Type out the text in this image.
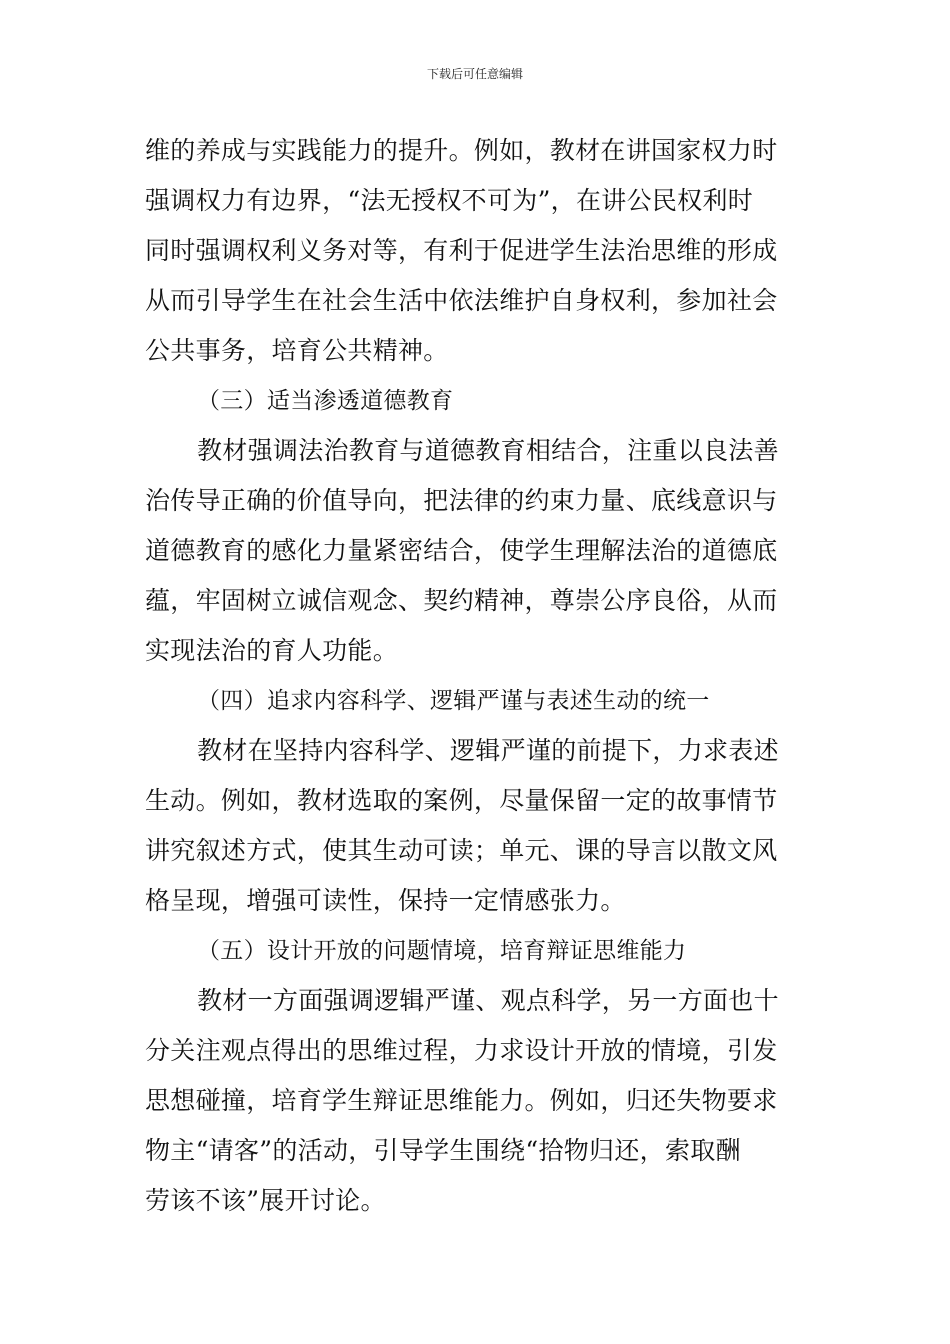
下载后可任意编辑
维的养成与实践能力的提升。例如，教材在讲国家权力时
强调权力有边界，“法无授权不可为”，在讲公民权利时
同时强调权利义务对等，有利于促进学生法治思维的形成
从而引导学生在社会生活中依法维护自身权利，参加社会
公共事务，培育公共精神。
（三）适当渗透道德教育
教材强调法治教育与道德教育相结合，注重以良法善
治传导正确的价值导向，把法律的约束力量、底线意识与
道德教育的感化力量紧密结合，使学生理解法治的道德底
蕴，牢固树立诚信观念、契约精神，尊崇公序良俗，从而
实现法治的育人功能。
（四）追求内容科学、逻辑严谨与表述生动的统一
教材在坚持内容科学、逻辑严谨的前提下，力求表述
生动。例如，教材选取的案例，尽量保留一定的故事情节
讲究叙述方式，使其生动可读；单元、课的导言以散文风
格呈现，增强可读性，保持一定情感张力。
（五）设计开放的问题情境，培育辩证思维能力
教材一方面强调逻辑严谨、观点科学，另一方面也十
分关注观点得出的思维过程，力求设计开放的情境，引发
思想碰撞，培育学生辩证思维能力。例如，归还失物要求
物主“请客”的活动，引导学生围绕“拾物归还，索取酬
劳该不该”展开讨论。
